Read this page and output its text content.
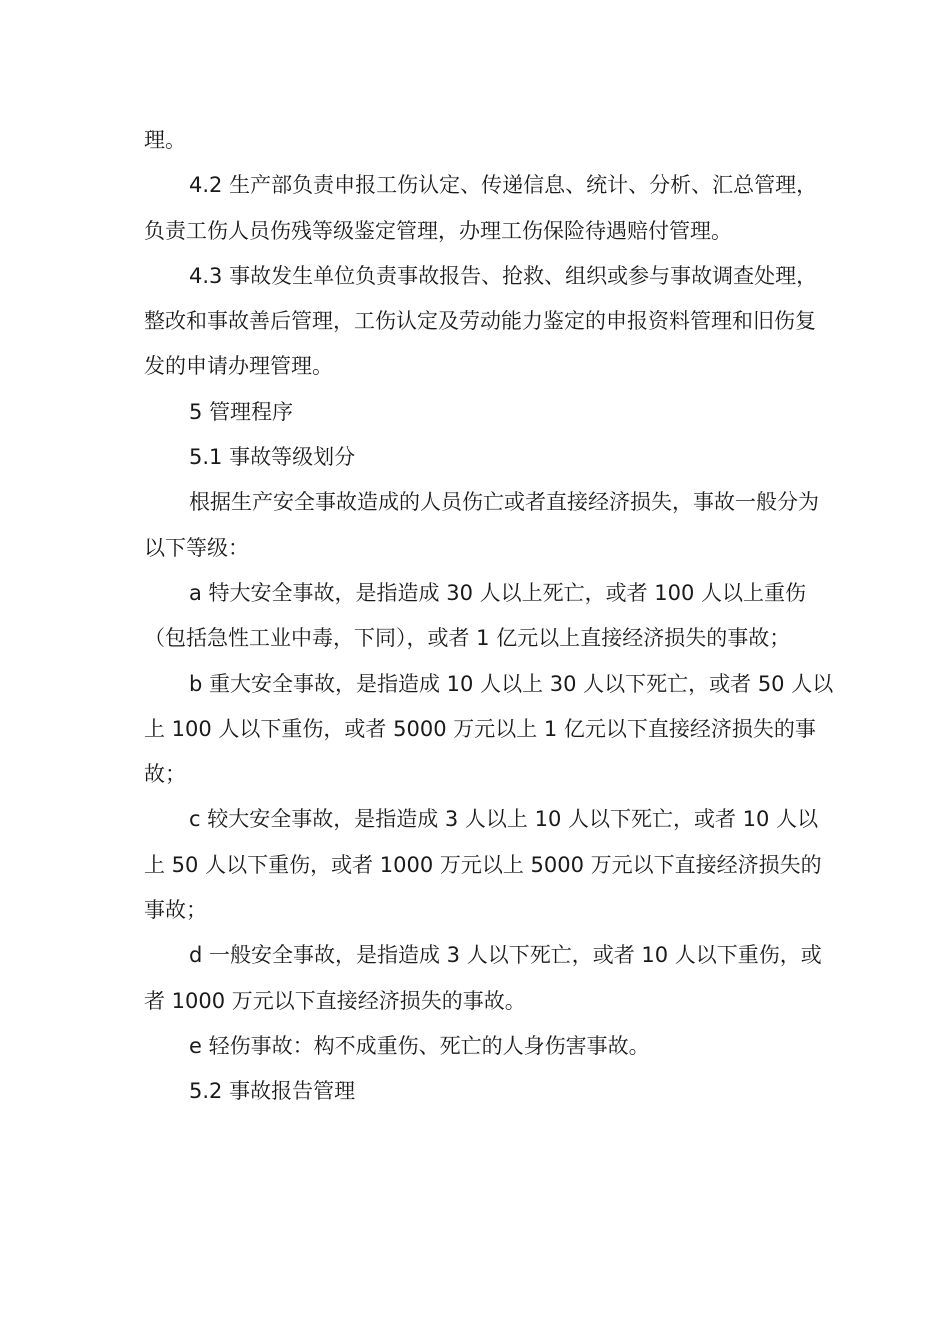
理。

4.2 生产部负责申报工伤认定、传递信息、统计、分析、汇总管理，负责工伤人员伤残等级鉴定管理，办理工伤保险待遇赔付管理。

4.3 事故发生单位负责事故报告、抢救、组织或参与事故调查处理，整改和事故善后管理，工伤认定及劳动能力鉴定的申报资料管理和旧伤复发的申请办理管理。

5 管理程序

5.1 事故等级划分

根据生产安全事故造成的人员伤亡或者直接经济损失，事故一般分为以下等级：

a 特大安全事故，是指造成 30 人以上死亡，或者 100 人以上重伤（包括急性工业中毒，下同），或者 1 亿元以上直接经济损失的事故；

b 重大安全事故，是指造成 10 人以上 30 人以下死亡，或者 50 人以上 100 人以下重伤，或者 5000 万元以上 1 亿元以下直接经济损失的事故；

c 较大安全事故，是指造成 3 人以上 10 人以下死亡，或者 10 人以上 50 人以下重伤，或者 1000 万元以上 5000 万元以下直接经济损失的事故；

d 一般安全事故，是指造成 3 人以下死亡，或者 10 人以下重伤，或者 1000 万元以下直接经济损失的事故。

e 轻伤事故：构不成重伤、死亡的人身伤害事故。

5.2 事故报告管理
